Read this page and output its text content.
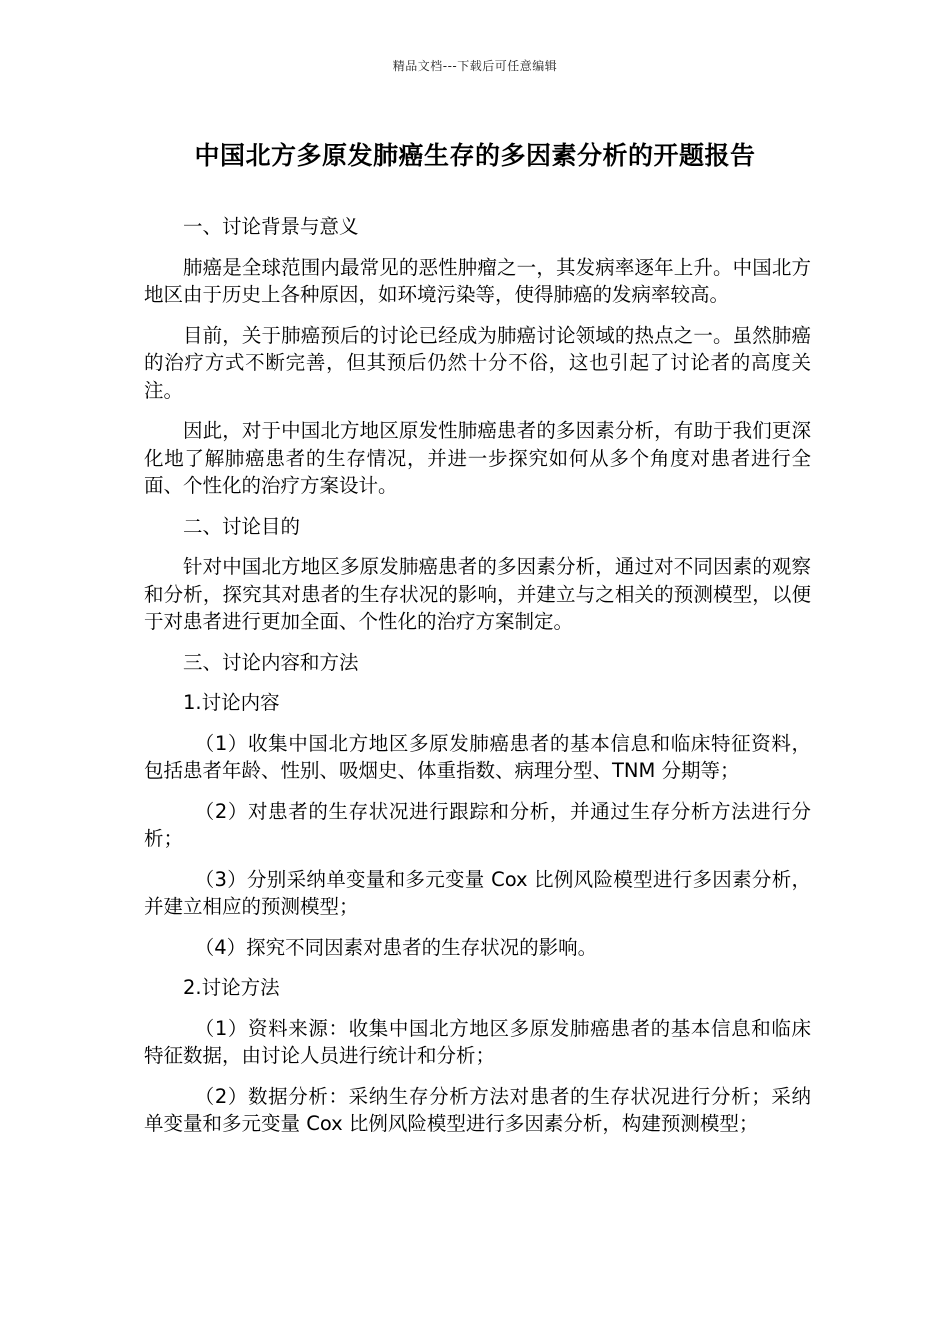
精品文档---下载后可任意编辑
中国北方多原发肺癌生存的多因素分析的开题报告

一、讨论背景与意义

肺癌是全球范围内最常见的恶性肿瘤之一，其发病率逐年上升。中国北方地区由于历史上各种原因，如环境污染等，使得肺癌的发病率较高。

目前，关于肺癌预后的讨论已经成为肺癌讨论领域的热点之一。虽然肺癌的治疗方式不断完善，但其预后仍然十分不俗，这也引起了讨论者的高度关注。

因此，对于中国北方地区原发性肺癌患者的多因素分析，有助于我们更深化地了解肺癌患者的生存情况，并进一步探究如何从多个角度对患者进行全面、个性化的治疗方案设计。

二、讨论目的

针对中国北方地区多原发肺癌患者的多因素分析，通过对不同因素的观察和分析，探究其对患者的生存状况的影响，并建立与之相关的预测模型，以便于对患者进行更加全面、个性化的治疗方案制定。

三、讨论内容和方法

1.讨论内容

（1）收集中国北方地区多原发肺癌患者的基本信息和临床特征资料，包括患者年龄、性别、吸烟史、体重指数、病理分型、TNM 分期等；

（2）对患者的生存状况进行跟踪和分析，并通过生存分析方法进行分析；

（3）分别采纳单变量和多元变量 Cox 比例风险模型进行多因素分析，并建立相应的预测模型；

（4）探究不同因素对患者的生存状况的影响。

2.讨论方法

（1）资料来源：收集中国北方地区多原发肺癌患者的基本信息和临床特征数据，由讨论人员进行统计和分析；

（2）数据分析：采纳生存分析方法对患者的生存状况进行分析；采纳单变量和多元变量 Cox 比例风险模型进行多因素分析，构建预测模型；
